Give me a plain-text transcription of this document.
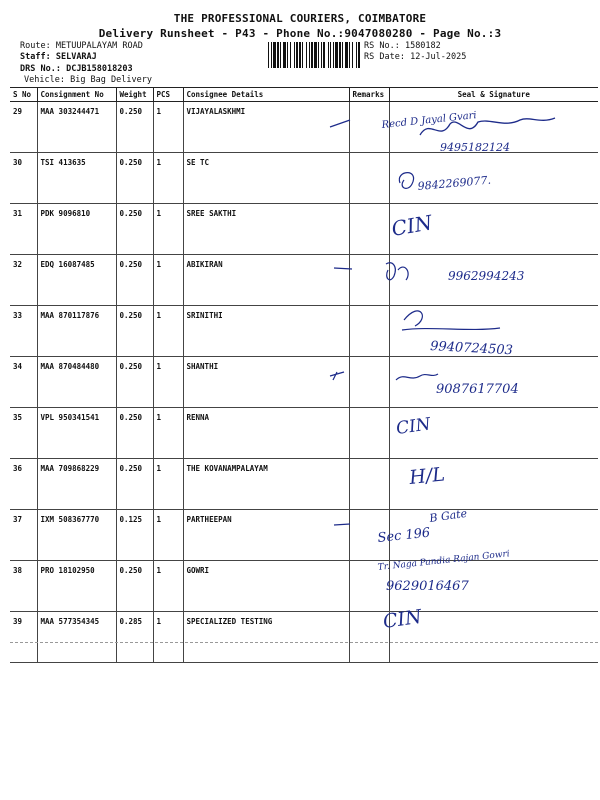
THE PROFESSIONAL COURIERS, COIMBATORE
Delivery Runsheet - P43 - Phone No.:9047080280 - Page No.:3
Route: METUUPALAYAM ROAD
Staff: SELVARAJ
DRS No.: DCJB158018203
Vehicle: Big Bag Delivery
RS No.: 1580182
RS Date: 12-Jul-2025
S No	Consignment No	Weight	PCS	Consignee Details	Remarks	Seal & Signature
29	MAA 303244471	0.250	1	VIJAYALASKHMI		
30	TSI 413635	0.250	1	SE TC		
31	PDK 9096810	0.250	1	SREE SAKTHI		
32	EDQ 16087485	0.250	1	ABIKIRAN		
33	MAA 870117876	0.250	1	SRINITHI		
34	MAA 870484480	0.250	1	SHANTHI		
35	VPL 950341541	0.250	1	RENNA		
36	MAA 709868229	0.250	1	THE KOVANAMPALAYAM		
37	IXM 508367770	0.125	1	PARTHEEPAN		
38	PRO 18102950	0.250	1	GOWRI		
39	MAA 577354345	0.285	1	SPECIALIZED TESTING		
Recd D Jayal Gvari
9495182124
9842269077.
CIN
9962994243
9940724503
9087617704
CIN
H/L
B Gate
Sec 196
Tr. Naga Pandia Rajan Gowri
9629016467
CIN
